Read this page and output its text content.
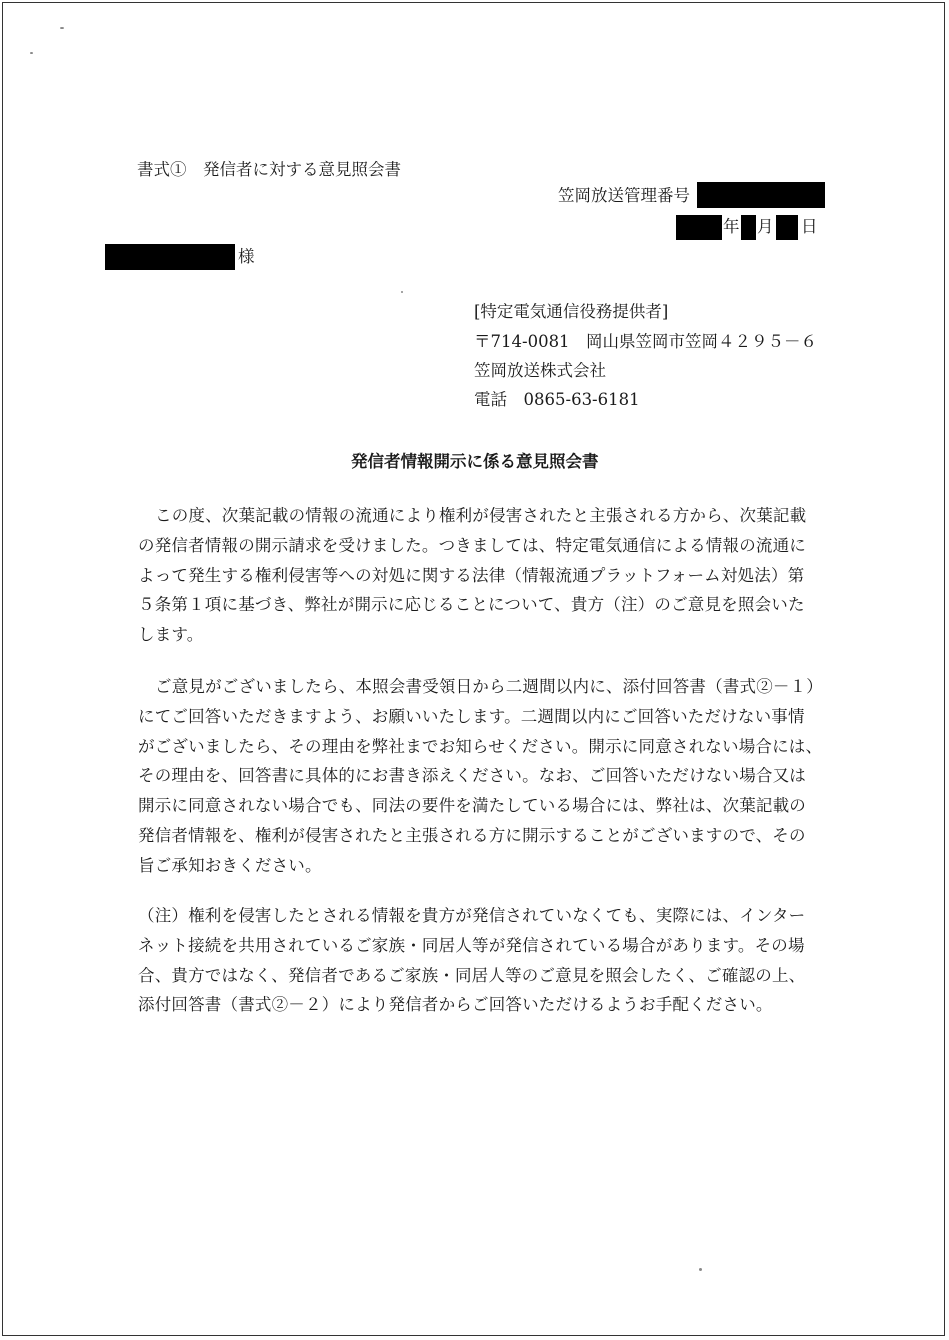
書式①　発信者に対する意見照会書
笠岡放送管理番号
年 月 日
様
[特定電気通信役務提供者]
〒714-0081　岡山県笠岡市笠岡４２９５－６
笠岡放送株式会社
電話　0865-63-6181
発信者情報開示に係る意見照会書
この度、次葉記載の情報の流通により権利が侵害されたと主張される方から、次葉記載
の発信者情報の開示請求を受けました。つきましては、特定電気通信による情報の流通に
よって発生する権利侵害等への対処に関する法律（情報流通プラットフォーム対処法）第
５条第１項に基づき、弊社が開示に応じることについて、貴方（注）のご意見を照会いた
します。
ご意見がございましたら、本照会書受領日から二週間以内に、添付回答書（書式②－１）
にてご回答いただきますよう、お願いいたします。二週間以内にご回答いただけない事情
がございましたら、その理由を弊社までお知らせください。開示に同意されない場合には、
その理由を、回答書に具体的にお書き添えください。なお、ご回答いただけない場合又は
開示に同意されない場合でも、同法の要件を満たしている場合には、弊社は、次葉記載の
発信者情報を、権利が侵害されたと主張される方に開示することがございますので、その
旨ご承知おきください。
（注）権利を侵害したとされる情報を貴方が発信されていなくても、実際には、インター
ネット接続を共用されているご家族・同居人等が発信されている場合があります。その場
合、貴方ではなく、発信者であるご家族・同居人等のご意見を照会したく、ご確認の上、
添付回答書（書式②－２）により発信者からご回答いただけるようお手配ください。
